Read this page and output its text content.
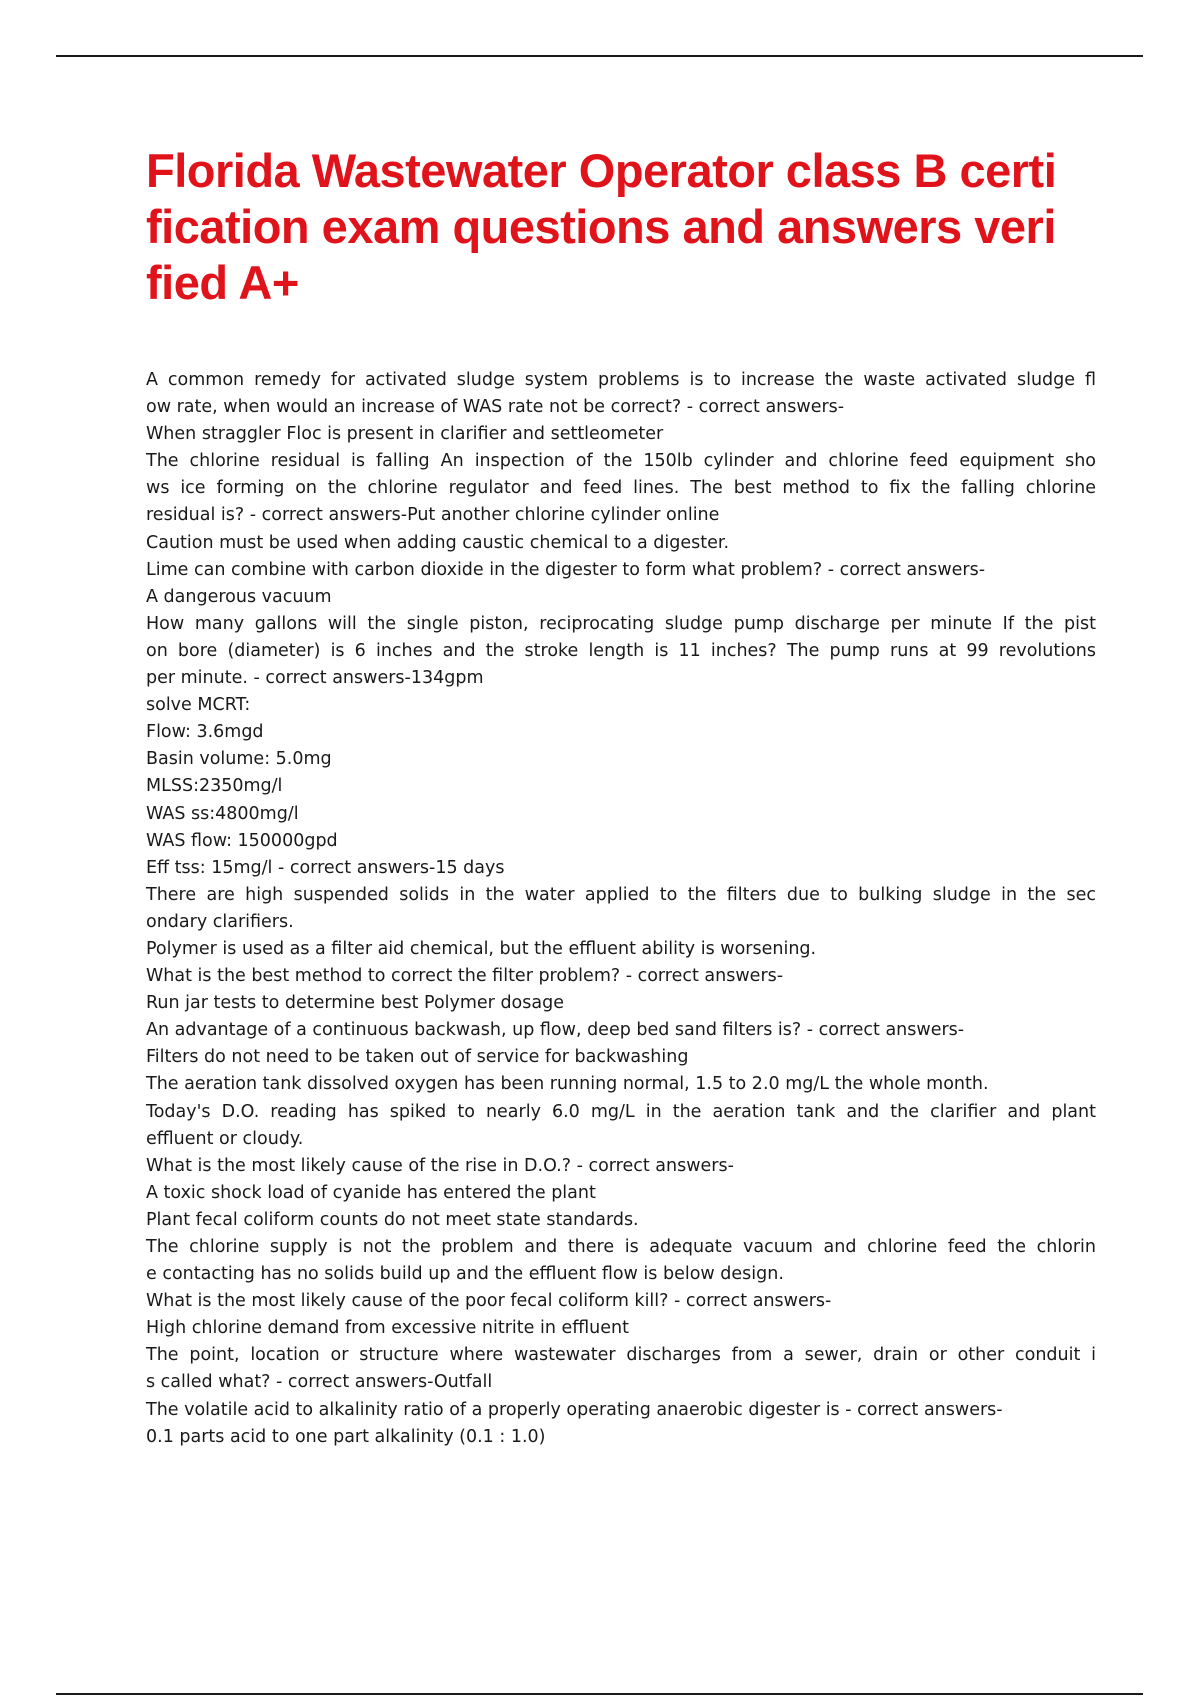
Florida Wastewater Operator class B certi
fication exam questions and answers veri
fied A+
A common remedy for activated sludge system problems is to increase the waste activated sludge fl
ow rate, when would an increase of WAS rate not be correct? - correct answers-
When straggler Floc is present in clarifier and settleometer
The chlorine residual is falling An inspection of the 150lb cylinder and chlorine feed equipment sho
ws ice forming on the chlorine regulator and feed lines. The best method to fix the falling chlorine
residual is? - correct answers-Put another chlorine cylinder online
Caution must be used when adding caustic chemical to a digester.
Lime can combine with carbon dioxide in the digester to form what problem? - correct answers-
A dangerous vacuum
How many gallons will the single piston, reciprocating sludge pump discharge per minute If the pist
on bore (diameter) is 6 inches and the stroke length is 11 inches? The pump runs at 99 revolutions
per minute. - correct answers-134gpm
solve MCRT:
Flow: 3.6mgd
Basin volume: 5.0mg
MLSS:2350mg/l
WAS ss:4800mg/l
WAS flow: 150000gpd
Eff tss: 15mg/l - correct answers-15 days
There are high suspended solids in the water applied to the filters due to bulking sludge in the sec
ondary clarifiers.
Polymer is used as a filter aid chemical, but the effluent ability is worsening.
What is the best method to correct the filter problem? - correct answers-
Run jar tests to determine best Polymer dosage
An advantage of a continuous backwash, up flow, deep bed sand filters is? - correct answers-
Filters do not need to be taken out of service for backwashing
The aeration tank dissolved oxygen has been running normal, 1.5 to 2.0 mg/L the whole month.
Today's D.O. reading has spiked to nearly 6.0 mg/L in the aeration tank and the clarifier and plant
effluent or cloudy.
What is the most likely cause of the rise in D.O.? - correct answers-
A toxic shock load of cyanide has entered the plant
Plant fecal coliform counts do not meet state standards.
The chlorine supply is not the problem and there is adequate vacuum and chlorine feed the chlorin
e contacting has no solids build up and the effluent flow is below design.
What is the most likely cause of the poor fecal coliform kill? - correct answers-
High chlorine demand from excessive nitrite in effluent
The point, location or structure where wastewater discharges from a sewer, drain or other conduit i
s called what? - correct answers-Outfall
The volatile acid to alkalinity ratio of a properly operating anaerobic digester is - correct answers-
0.1 parts acid to one part alkalinity (0.1 : 1.0)
